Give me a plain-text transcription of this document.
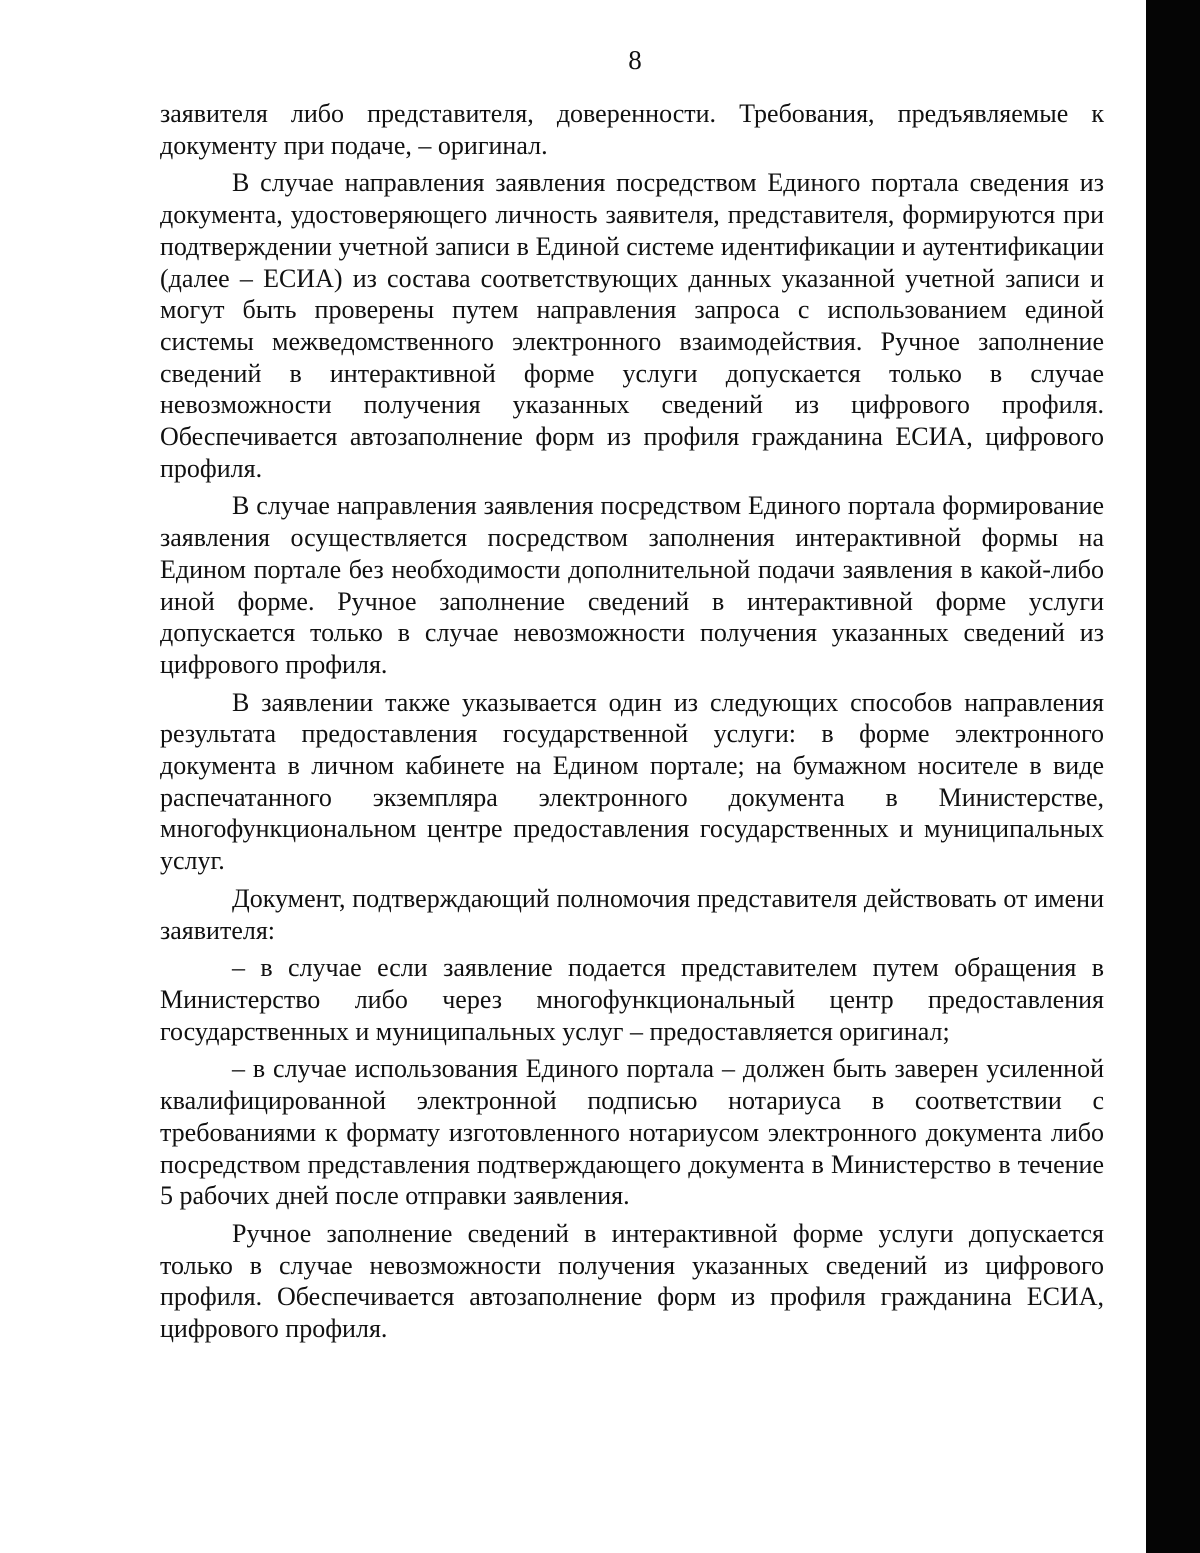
8

заявителя либо представителя, доверенности. Требования, предъявляемые к документу при подаче, – оригинал.

В случае направления заявления посредством Единого портала сведения из документа, удостоверяющего личность заявителя, представителя, формируются при подтверждении учетной записи в Единой системе идентификации и аутентификации (далее – ЕСИА) из состава соответствующих данных указанной учетной записи и могут быть проверены путем направления запроса с использованием единой системы межведомственного электронного взаимодействия. Ручное заполнение сведений в интерактивной форме услуги допускается только в случае невозможности получения указанных сведений из цифрового профиля. Обеспечивается автозаполнение форм из профиля гражданина ЕСИА, цифрового профиля.

В случае направления заявления посредством Единого портала формирование заявления осуществляется посредством заполнения интерактивной формы на Едином портале без необходимости дополнительной подачи заявления в какой-либо иной форме. Ручное заполнение сведений в интерактивной форме услуги допускается только в случае невозможности получения указанных сведений из цифрового профиля.

В заявлении также указывается один из следующих способов направления результата предоставления государственной услуги: в форме электронного документа в личном кабинете на Едином портале; на бумажном носителе в виде распечатанного экземпляра электронного документа в Министерстве, многофункциональном центре предоставления государственных и муниципальных услуг.

Документ, подтверждающий полномочия представителя действовать от имени заявителя:

– в случае если заявление подается представителем путем обращения в Министерство либо через многофункциональный центр предоставления государственных и муниципальных услуг – предоставляется оригинал;

– в случае использования Единого портала – должен быть заверен усиленной квалифицированной электронной подписью нотариуса в соответствии с требованиями к формату изготовленного нотариусом электронного документа либо посредством представления подтверждающего документа в Министерство в течение 5 рабочих дней после отправки заявления.

Ручное заполнение сведений в интерактивной форме услуги допускается только в случае невозможности получения указанных сведений из цифрового профиля. Обеспечивается автозаполнение форм из профиля гражданина ЕСИА, цифрового профиля.
